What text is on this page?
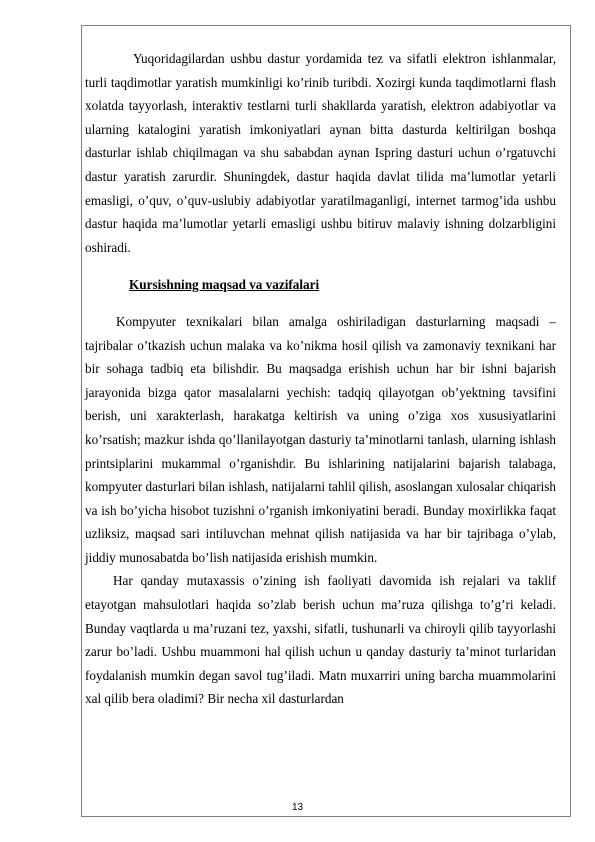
Yuqoridagilardan ushbu dastur yordamida tez va sifatli elektron ishlanmalar, turli taqdimotlar yaratish mumkinligi ko’rinib turibdi. Xozirgi kunda taqdimotlarni flash xolatda tayyorlash, interaktiv testlarni turli shakllarda yaratish, elektron adabiyotlar va ularning katalogini yaratish imkoniyatlari aynan bitta dasturda keltirilgan boshqa dasturlar ishlab chiqilmagan va shu sababdan aynan Ispring dasturi uchun o’rgatuvchi dastur yaratish zarurdir. Shuningdek, dastur haqida davlat tilida ma’lumotlar yetarli emasligi, o’quv, o’quv-uslubiy adabiyotlar yaratilmaganligi, internet tarmog’ida ushbu dastur haqida ma’lumotlar yetarli emasligi ushbu bitiruv malaviy ishning dolzarbligini oshiradi.

Kursishning maqsad va vazifalari

Kompyuter texnikalari bilan amalga oshiriladigan dasturlarning maqsadi – tajribalar o’tkazish uchun malaka va ko’nikma hosil qilish va zamonaviy texnikani har bir sohaga tadbiq eta bilishdir. Bu maqsadga erishish uchun har bir ishni bajarish jarayonida bizga qator masalalarni yechish: tadqiq qilayotgan ob’yektning tavsifini berish, uni xarakterlash, harakatga keltirish va uning o’ziga xos xususiyatlarini ko’rsatish; mazkur ishda qo’llanilayotgan dasturiy ta’minotlarni tanlash, ularning ishlash printsiplarini mukammal o’rganishdir. Bu ishlarining natijalarini bajarish talabaga, kompyuter dasturlari bilan ishlash, natijalarni tahlil qilish, asoslangan xulosalar chiqarish va ish bo’yicha hisobot tuzishni o’rganish imkoniyatini beradi. Bunday moxirlikka faqat uzliksiz, maqsad sari intiluvchan mehnat qilish natijasida va har bir tajribaga o’ylab, jiddiy munosabatda bo’lish natijasida erishish mumkin.

Har qanday mutaxassis o’zining ish faoliyati davomida ish rejalari va taklif etayotgan mahsulotlari haqida so’zlab berish uchun ma’ruza qilishga to’g’ri keladi. Bunday vaqtlarda u ma’ruzani tez, yaxshi, sifatli, tushunarli va chiroyli qilib tayyorlashi zarur bo’ladi. Ushbu muammoni hal qilish uchun u qanday dasturiy ta’minot turlaridan foydalanish mumkin degan savol tug’iladi. Matn muxarriri uning barcha muammolarini xal qilib bera oladimi? Bir necha xil dasturlardan

13
